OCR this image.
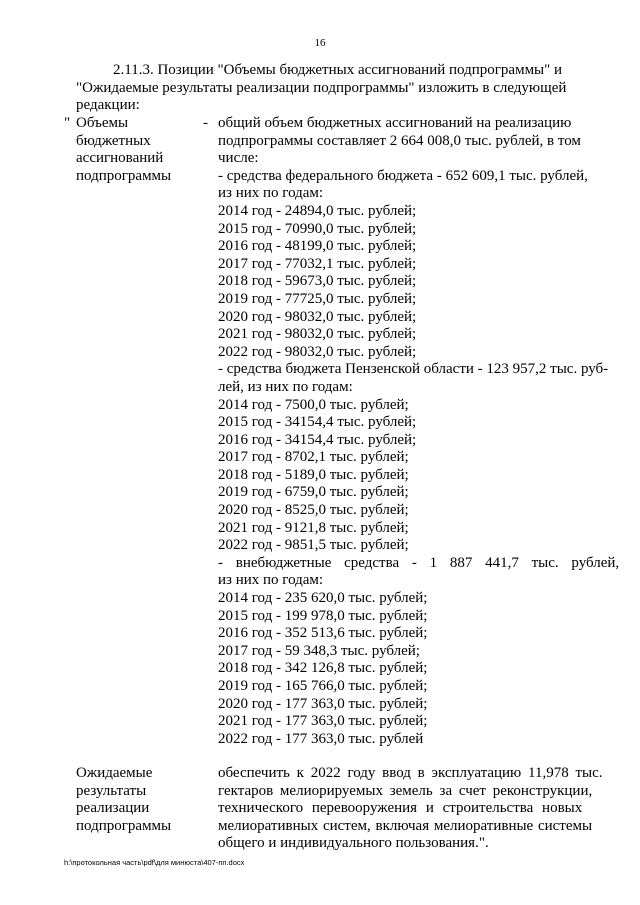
16
2.11.3. Позиции "Объемы бюджетных ассигнований подпрограммы" и
"Ожидаемые результаты реализации подпрограммы" изложить в следующей
редакции:
" Объемы
бюджетных
ассигнований
подпрограммы
- общий объем бюджетных ассигнований на реализацию
подпрограммы составляет 2 664 008,0 тыс. рублей, в том
числе:
- средства федерального бюджета - 652 609,1 тыс. рублей,
из них по годам:
2014 год - 24894,0 тыс. рублей;
2015 год - 70990,0 тыс. рублей;
2016 год - 48199,0 тыс. рублей;
2017 год - 77032,1 тыс. рублей;
2018 год - 59673,0 тыс. рублей;
2019 год - 77725,0 тыс. рублей;
2020 год - 98032,0 тыс. рублей;
2021 год - 98032,0 тыс. рублей;
2022 год - 98032,0 тыс. рублей;
- средства бюджета Пензенской области - 123 957,2 тыс. руб-
лей, из них по годам:
2014 год - 7500,0 тыс. рублей;
2015 год - 34154,4 тыс. рублей;
2016 год - 34154,4 тыс. рублей;
2017 год - 8702,1 тыс. рублей;
2018 год - 5189,0 тыс. рублей;
2019 год - 6759,0 тыс. рублей;
2020 год - 8525,0 тыс. рублей;
2021 год - 9121,8 тыс. рублей;
2022 год - 9851,5 тыс. рублей;
- внебюджетные средства - 1 887 441,7 тыс. рублей,
из них по годам:
2014 год - 235 620,0 тыс. рублей;
2015 год - 199 978,0 тыс. рублей;
2016 год - 352 513,6 тыс. рублей;
2017 год - 59 348,3 тыс. рублей;
2018 год - 342 126,8 тыс. рублей;
2019 год - 165 766,0 тыс. рублей;
2020 год - 177 363,0 тыс. рублей;
2021 год - 177 363,0 тыс. рублей;
2022 год - 177 363,0 тыс. рублей
Ожидаемые
результаты
реализации
подпрограммы
обеспечить к 2022 году ввод в эксплуатацию 11,978 тыс.
гектаров мелиорируемых земель за счет реконструкции,
технического перевооружения и строительства новых
мелиоративных систем, включая мелиоративные системы
общего и индивидуального пользования.".
h:\протокольная часть\pdf\для минюста\407-пп.docx
